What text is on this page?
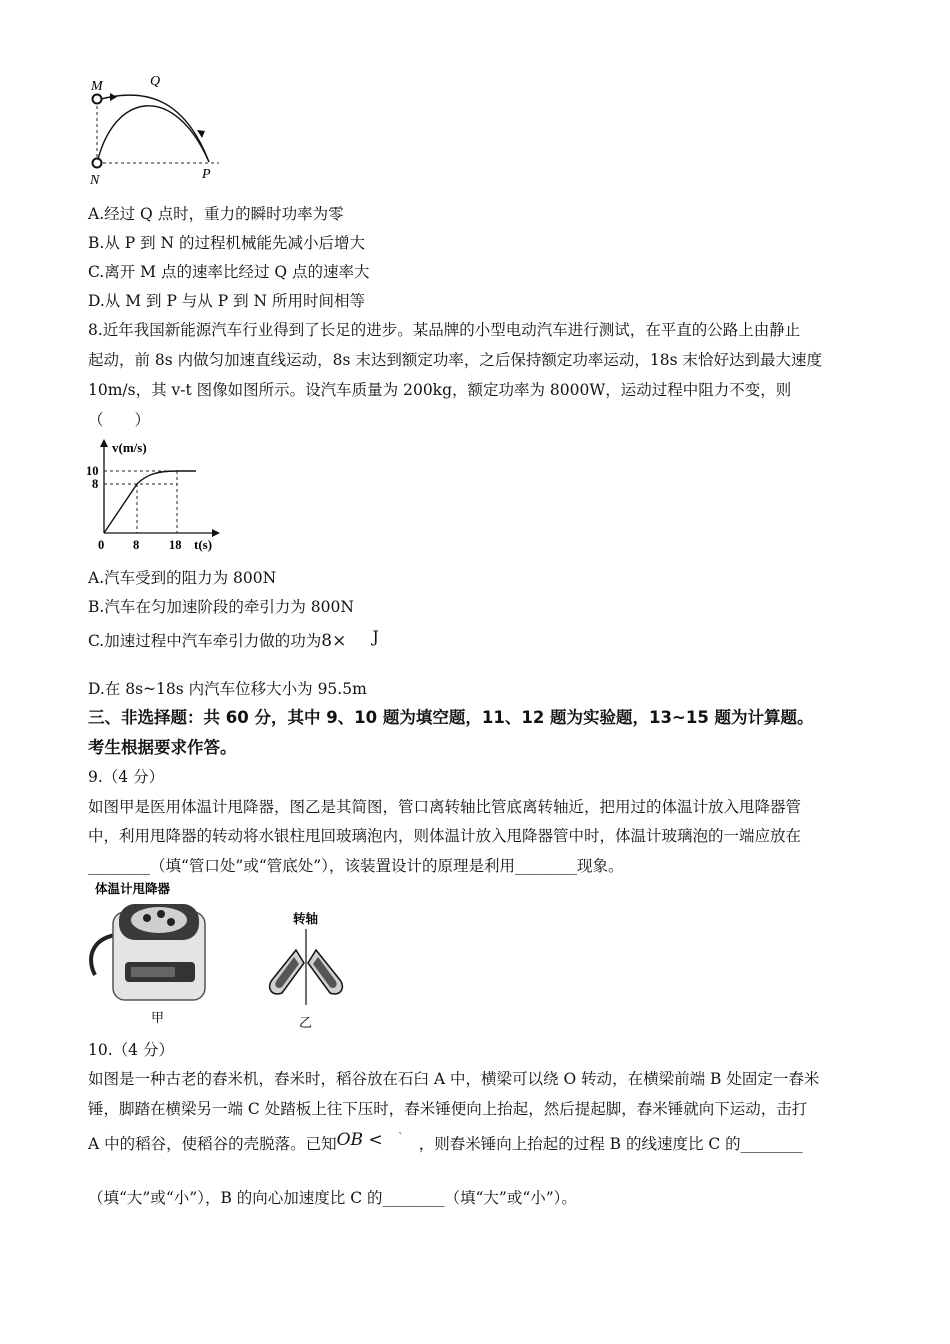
M	Q
N	P
A.经过 Q 点时，重力的瞬时功率为零
B.从 P 到 N 的过程机械能先减小后增大
C.离开 M 点的速率比经过 Q 点的速率大
D.从 M 到 P 与从 P 到 N 所用时间相等
8.近年我国新能源汽车行业得到了长足的进步。某品牌的小型电动汽车进行测试，在平直的公路上由静止
起动，前 8s 内做匀加速直线运动，8s 末达到额定功率，之后保持额定功率运动，18s 末恰好达到最大速度
10m/s，其 v-t 图像如图所示。设汽车质量为 200kg，额定功率为 8000W，运动过程中阻力不变，则
（　　）
v(m/s)
10
8
0 8 18 t(s)
A.汽车受到的阻力为 800N
B.汽车在匀加速阶段的牵引力为 800N
C.加速过程中汽车牵引力做的功为8× J
D.在 8s~18s 内汽车位移大小为 95.5m
三、非选择题：共 60 分，其中 9、10 题为填空题，11、12 题为实验题，13~15 题为计算题。
考生根据要求作答。
9.（4 分）
如图甲是医用体温计甩降器，图乙是其简图，管口离转轴比管底离转轴近，把用过的体温计放入甩降器管
中，利用甩降器的转动将水银柱甩回玻璃泡内，则体温计放入甩降器管中时，体温计玻璃泡的一端应放在
________（填“管口处”或“管底处”），该装置设计的原理是利用________现象。
体温计甩降器
甲
转轴
乙
10.（4 分）
如图是一种古老的舂米机，舂米时，稻谷放在石臼 A 中，横梁可以绕 O 转动，在横梁前端 B 处固定一舂米
锤，脚踏在横梁另一端 C 处踏板上往下压时，舂米锤便向上抬起，然后提起脚，舂米锤就向下运动，击打
A 中的稻谷，使稻谷的壳脱落。已知OB < ˋ ，则舂米锤向上抬起的过程 B 的线速度比 C 的________
（填“大”或“小”），B 的向心加速度比 C 的________（填“大”或“小”）。
